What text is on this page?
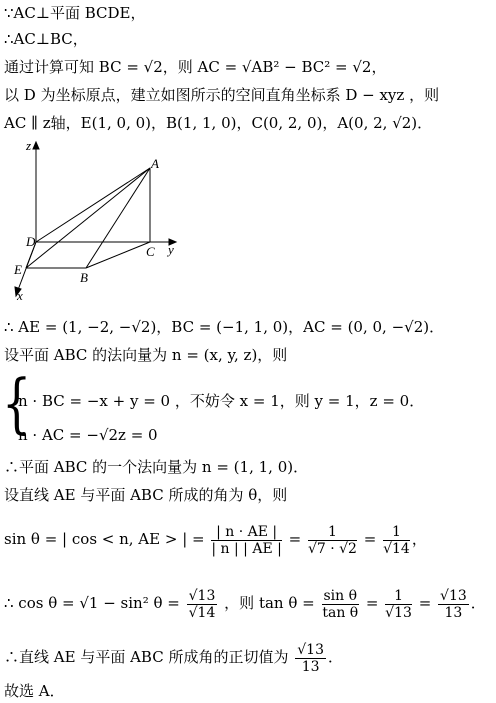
∵AC⊥平面 BCDE，
∴AC⊥BC，
通过计算可知 BC = √2，则 AC = √AB² − BC² = √2，
以 D 为坐标原点，建立如图所示的空间直角坐标系 D − xyz ，则
AC ∥ z轴，E(1, 0, 0)，B(1, 1, 0)，C(0, 2, 0)，A(0, 2, √2)．
z
A
D
C y
E
B
x
∴ AE = (1, −2, −√2)，BC = (−1, 1, 0)，AC = (0, 0, −√2)．
设平面 ABC 的法向量为 n = (x, y, z)，则
{
n · BC = −x + y = 0 ，不妨令 x = 1，则 y = 1，z = 0．
n · AC = −√2z = 0
∴平面 ABC 的一个法向量为 n = (1, 1, 0)．
设直线 AE 与平面 ABC 所成的角为 θ，则
sin θ = | cos < n, AE > | = $\frac{| n \cdot AE |}{| n | | AE |} = \frac{1}{√7 \cdot √2} = \frac{1}{√14}$ ，
∴ cos θ = √1 − sin² $\theta = \frac{√13}{√14}$ ，则 $\tan \theta = \frac{\text{sin θ}}{\text{tan θ}} = \frac{1}{√13} = \frac{√13}{13}$ ．
∴直线 AE 与平面 ABC 所成角的正切值为 $\frac{√13}{13}$ ．
故选 A．
